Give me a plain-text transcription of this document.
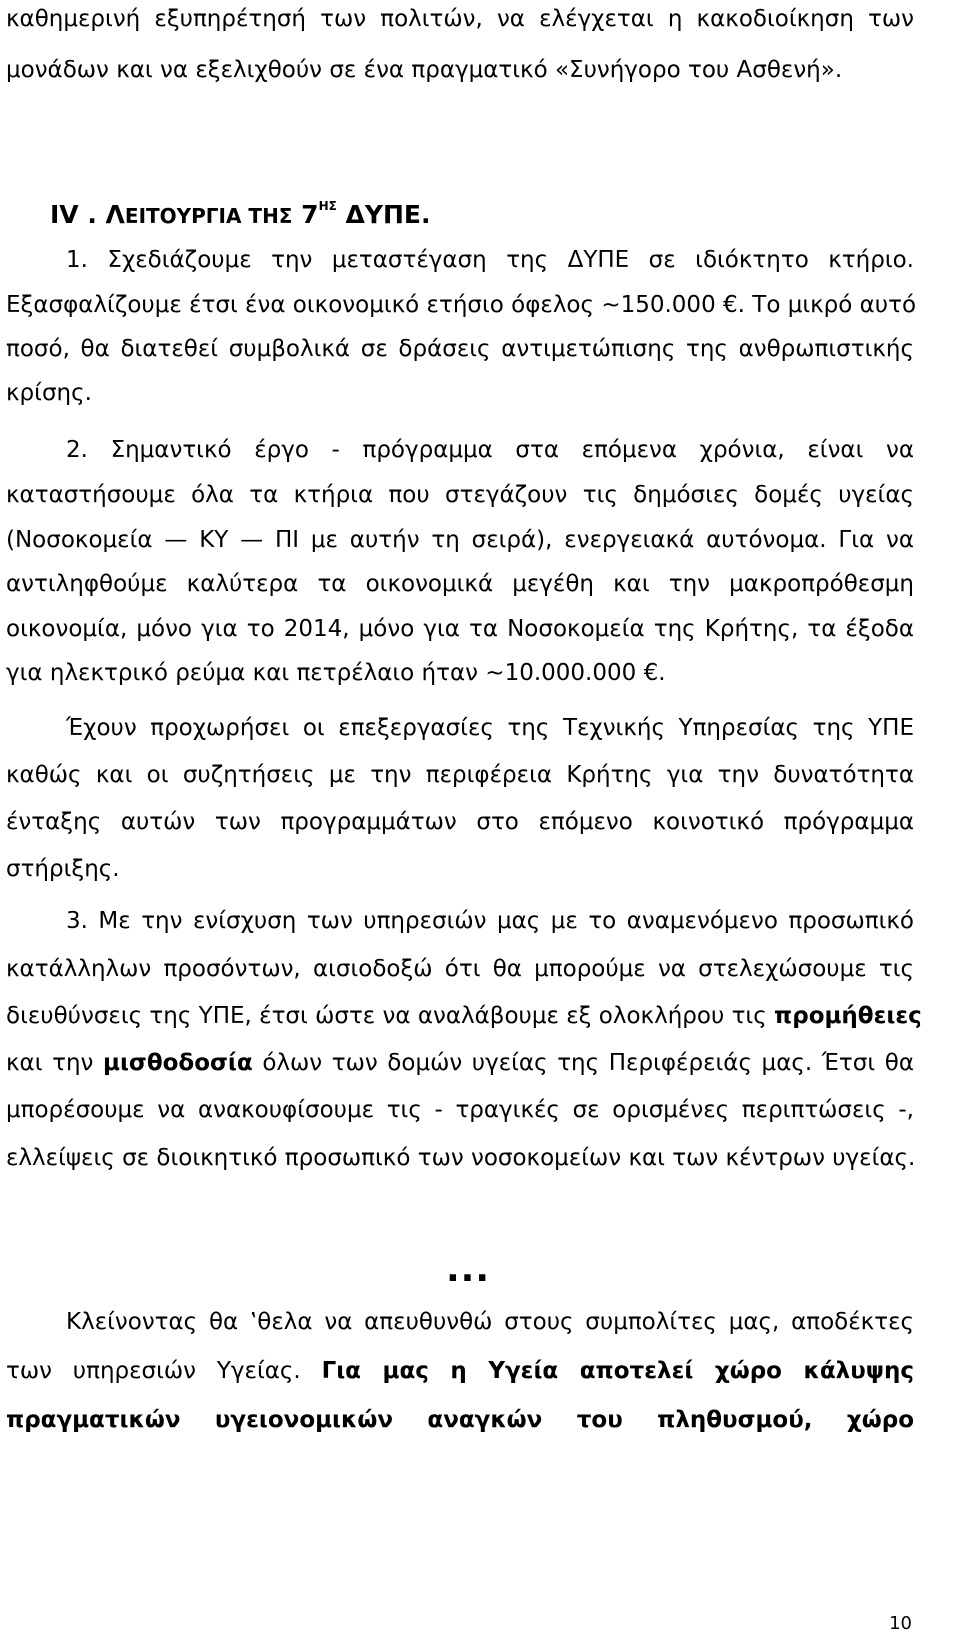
καθημερινή εξυπηρέτησή των πολιτών, να ελέγχεται η κακοδιοίκηση των
μονάδων και να εξελιχθούν σε ένα πραγματικό «Συνήγορο του Ασθενή».
IV . ΛΕΙΤΟΥΡΓΙΑ ΤΗΣ $7^{H\Sigma}$ ΔΥΠΕ.
1. Σχεδιάζουμε την μεταστέγαση της ΔΥΠΕ σε ιδιόκτητο κτήριο.
Εξασφαλίζουμε έτσι ένα οικονομικό ετήσιο όφελος ~150.000 €. Το μικρό αυτό
ποσό, θα διατεθεί συμβολικά σε δράσεις αντιμετώπισης της ανθρωπιστικής
κρίσης.
2. Σημαντικό έργο - πρόγραμμα στα επόμενα χρόνια, είναι να
καταστήσουμε όλα τα κτήρια που στεγάζουν τις δημόσιες δομές υγείας
(Νοσοκομεία — ΚΥ — ΠΙ με αυτήν τη σειρά), ενεργειακά αυτόνομα. Για να
αντιληφθούμε καλύτερα τα οικονομικά μεγέθη και την μακροπρόθεσμη
οικονομία, μόνο για το 2014, μόνο για τα Νοσοκομεία της Κρήτης, τα έξοδα
για ηλεκτρικό ρεύμα και πετρέλαιο ήταν ~10.000.000 €.
Έχουν προχωρήσει οι επεξεργασίες της Τεχνικής Υπηρεσίας της ΥΠΕ
καθώς και οι συζητήσεις με την περιφέρεια Κρήτης για την δυνατότητα
ένταξης αυτών των προγραμμάτων στο επόμενο κοινοτικό πρόγραμμα
στήριξης.
3. Με την ενίσχυση των υπηρεσιών μας με το αναμενόμενο προσωπικό
κατάλληλων προσόντων, αισιοδοξώ ότι θα μπορούμε να στελεχώσουμε τις
διευθύνσεις της ΥΠΕ, έτσι ώστε να αναλάβουμε εξ ολοκλήρου τις προμήθειες
και την μισθοδοσία όλων των δομών υγείας της Περιφέρειάς μας. Έτσι θα
μπορέσουμε να ανακουφίσουμε τις - τραγικές σε ορισμένες περιπτώσεις -,
ελλείψεις σε διοικητικό προσωπικό των νοσοκομείων και των κέντρων υγείας.
...
Κλείνοντας θα ‛θελα να απευθυνθώ στους συμπολίτες μας, αποδέκτες
των υπηρεσιών Υγείας. Για μας η Υγεία αποτελεί χώρο κάλυψης
πραγματικών υγειονομικών αναγκών του πληθυσμού, χώρο
10
